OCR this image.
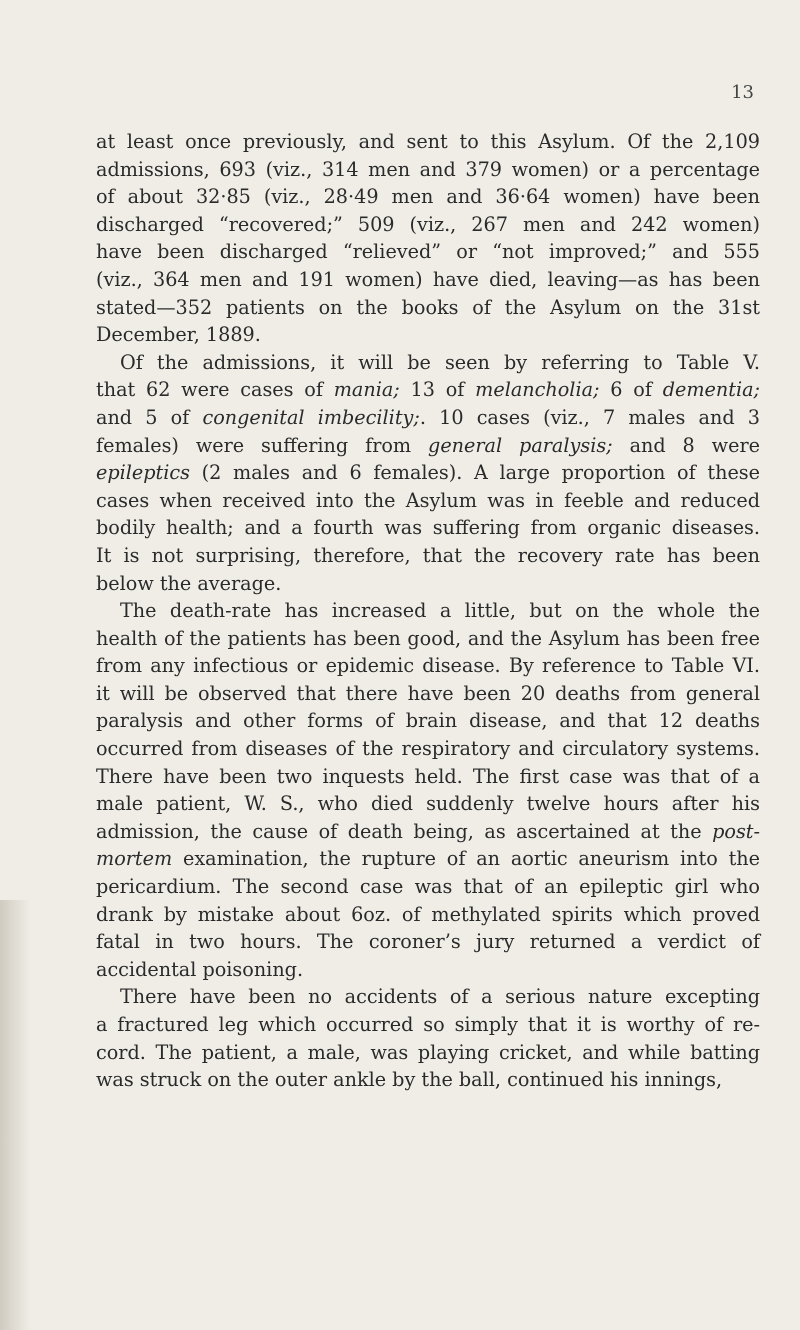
13
at least once previously, and sent to this Asylum. Of the 2,109
admissions, 693 (viz., 314 men and 379 women) or a percentage
of about 32·85 (viz., 28·49 men and 36·64 women) have been
discharged “recovered;” 509 (viz., 267 men and 242 women)
have been discharged “relieved” or “not improved;” and 555
(viz., 364 men and 191 women) have died, leaving—as has been
stated—352 patients on the books of the Asylum on the 31st
December, 1889.
Of the admissions, it will be seen by referring to Table V.
that 62 were cases of mania; 13 of melancholia; 6 of dementia;
and 5 of congenital imbecility;. 10 cases (viz., 7 males and 3
females) were suffering from general paralysis; and 8 were
epileptics (2 males and 6 females). A large proportion of these
cases when received into the Asylum was in feeble and reduced
bodily health; and a fourth was suffering from organic diseases.
It is not surprising, therefore, that the recovery rate has been
below the average.
The death-rate has increased a little, but on the whole the
health of the patients has been good, and the Asylum has been free
from any infectious or epidemic disease. By reference to Table VI.
it will be observed that there have been 20 deaths from general
paralysis and other forms of brain disease, and that 12 deaths
occurred from diseases of the respiratory and circulatory systems.
There have been two inquests held. The first case was that of a
male patient, W. S., who died suddenly twelve hours after his
admission, the cause of death being, as ascertained at the post-
mortem examination, the rupture of an aortic aneurism into the
pericardium. The second case was that of an epileptic girl who
drank by mistake about 6oz. of methylated spirits which proved
fatal in two hours. The coroner’s jury returned a verdict of
accidental poisoning.
There have been no accidents of a serious nature excepting
a fractured leg which occurred so simply that it is worthy of re-
cord. The patient, a male, was playing cricket, and while batting
was struck on the outer ankle by the ball, continued his innings,
